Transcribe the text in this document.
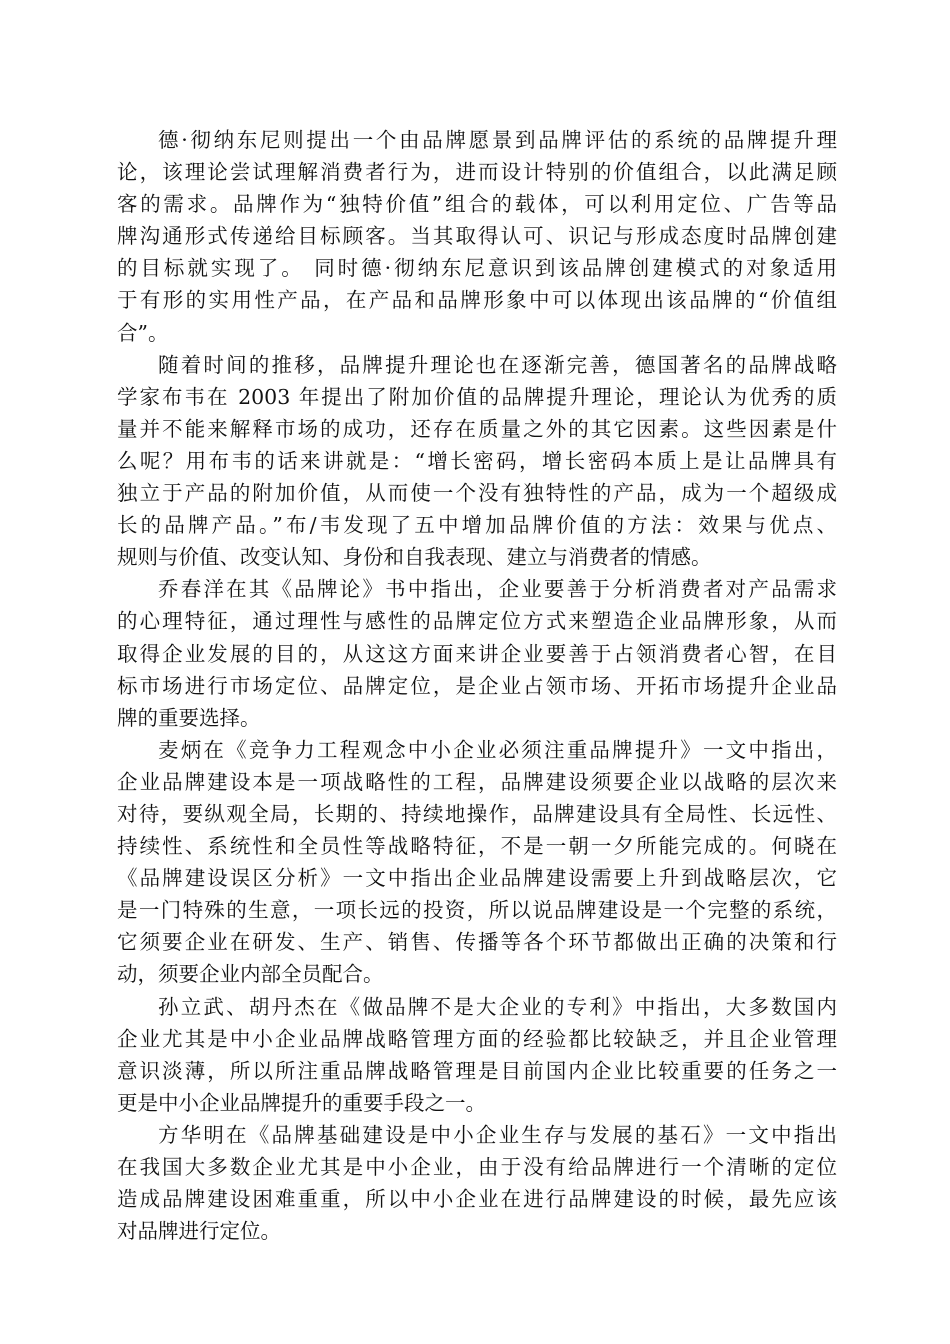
德·彻纳东尼则提出一个由品牌愿景到品牌评估的系统的品牌提升理
论，该理论尝试理解消费者行为，进而设计特别的价值组合，以此满足顾
客的需求。品牌作为“独特价值”组合的载体，可以利用定位、广告等品
牌沟通形式传递给目标顾客。当其取得认可、识记与形成态度时品牌创建
的目标就实现了。 同时德·彻纳东尼意识到该品牌创建模式的对象适用
于有形的实用性产品，在产品和品牌形象中可以体现出该品牌的“价值组
合”。

随着时间的推移，品牌提升理论也在逐渐完善，德国著名的品牌战略
学家布韦在 2003 年提出了附加价值的品牌提升理论，理论认为优秀的质
量并不能来解释市场的成功，还存在质量之外的其它因素。这些因素是什
么呢？用布韦的话来讲就是：“增长密码，增长密码本质上是让品牌具有
独立于产品的附加价值，从而使一个没有独特性的产品，成为一个超级成
长的品牌产品。”布/韦发现了五中增加品牌价值的方法：效果与优点、
规则与价值、改变认知、身份和自我表现、建立与消费者的情感。

乔春洋在其《品牌论》书中指出，企业要善于分析消费者对产品需求
的心理特征，通过理性与感性的品牌定位方式来塑造企业品牌形象，从而
取得企业发展的目的，从这这方面来讲企业要善于占领消费者心智，在目
标市场进行市场定位、品牌定位，是企业占领市场、开拓市场提升企业品
牌的重要选择。

麦炳在《竞争力工程观念中小企业必须注重品牌提升》一文中指出，
企业品牌建设本是一项战略性的工程，品牌建设须要企业以战略的层次来
对待，要纵观全局，长期的、持续地操作，品牌建设具有全局性、长远性、
持续性、系统性和全员性等战略特征，不是一朝一夕所能完成的。何晓在
《品牌建设误区分析》一文中指出企业品牌建设需要上升到战略层次，它
是一门特殊的生意，一项长远的投资，所以说品牌建设是一个完整的系统，
它须要企业在研发、生产、销售、传播等各个环节都做出正确的决策和行
动，须要企业内部全员配合。

孙立武、胡丹杰在《做品牌不是大企业的专利》中指出，大多数国内
企业尤其是中小企业品牌战略管理方面的经验都比较缺乏，并且企业管理
意识淡薄，所以所注重品牌战略管理是目前国内企业比较重要的任务之一
更是中小企业品牌提升的重要手段之一。

方华明在《品牌基础建设是中小企业生存与发展的基石》一文中指出
在我国大多数企业尤其是中小企业，由于没有给品牌进行一个清晰的定位
造成品牌建设困难重重，所以中小企业在进行品牌建设的时候，最先应该
对品牌进行定位。
